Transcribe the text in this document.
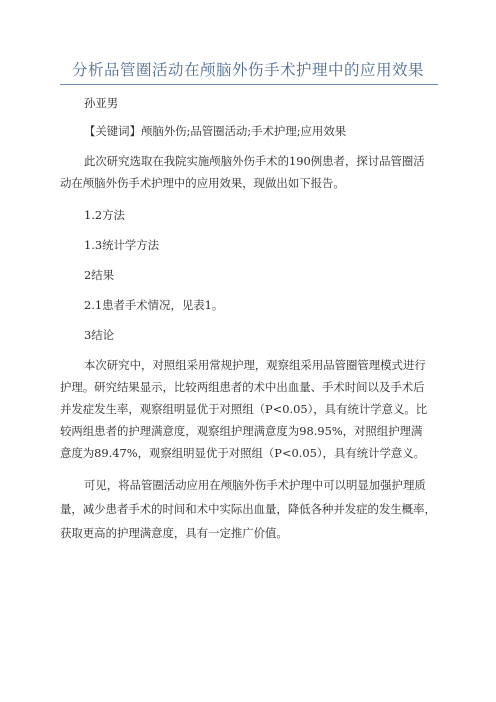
分析品管圈活动在颅脑外伤手术护理中的应用效果
孙亚男
【关键词】颅脑外伤;品管圈活动;手术护理;应用效果
此次研究选取在我院实施颅脑外伤手术的190例患者，探讨品管圈活
动在颅脑外伤手术护理中的应用效果，现做出如下报告。
1.2方法
1.3统计学方法
2结果
2.1患者手术情况，见表1。
3结论
本次研究中，对照组采用常规护理，观察组采用品管圈管理模式进行
护理。研究结果显示，比较两组患者的术中出血量、手术时间以及手术后
并发症发生率，观察组明显优于对照组（P<0.05），具有统计学意义。比
较两组患者的护理满意度，观察组护理满意度为98.95%，对照组护理满
意度为89.47%，观察组明显优于对照组（P<0.05），具有统计学意义。
可见，将品管圈活动应用在颅脑外伤手术护理中可以明显加强护理质
量，减少患者手术的时间和术中实际出血量，降低各种并发症的发生概率，
获取更高的护理满意度，具有一定推广价值。
